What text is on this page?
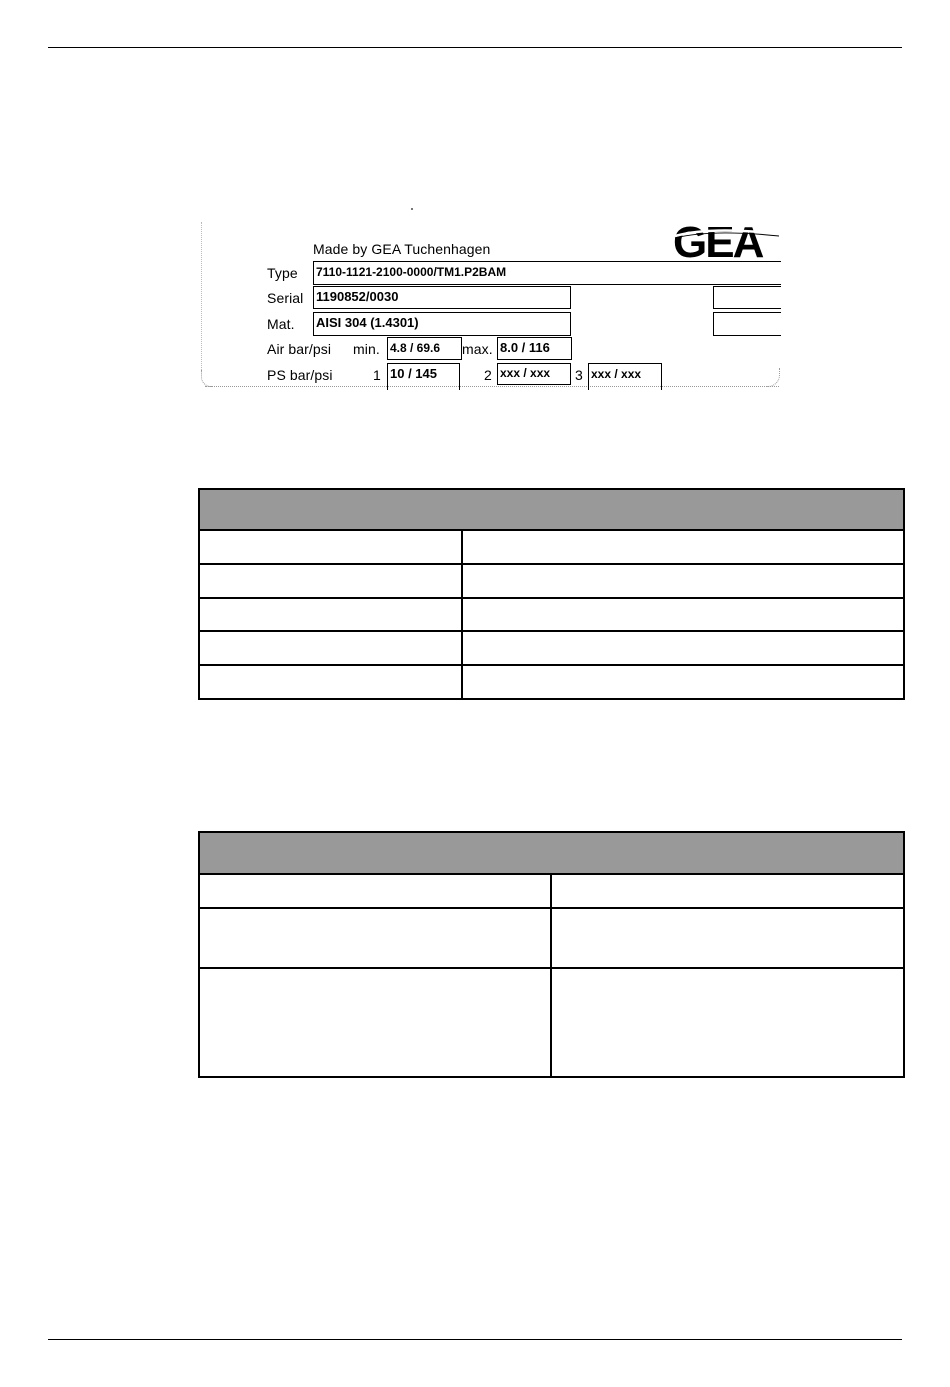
GEA
Made by GEA Tuchenhagen
Type 7110-1121-2100-0000/TM1.P2BAM
Serial 1190852/0030
Mat. AISI 304 (1.4301)
Air bar/psi min. 4.8 / 69.6	max. 8.0 / 116
PS bar/psi	1 10 / 145	2 xxx / xxx	3 xxx / xxx
